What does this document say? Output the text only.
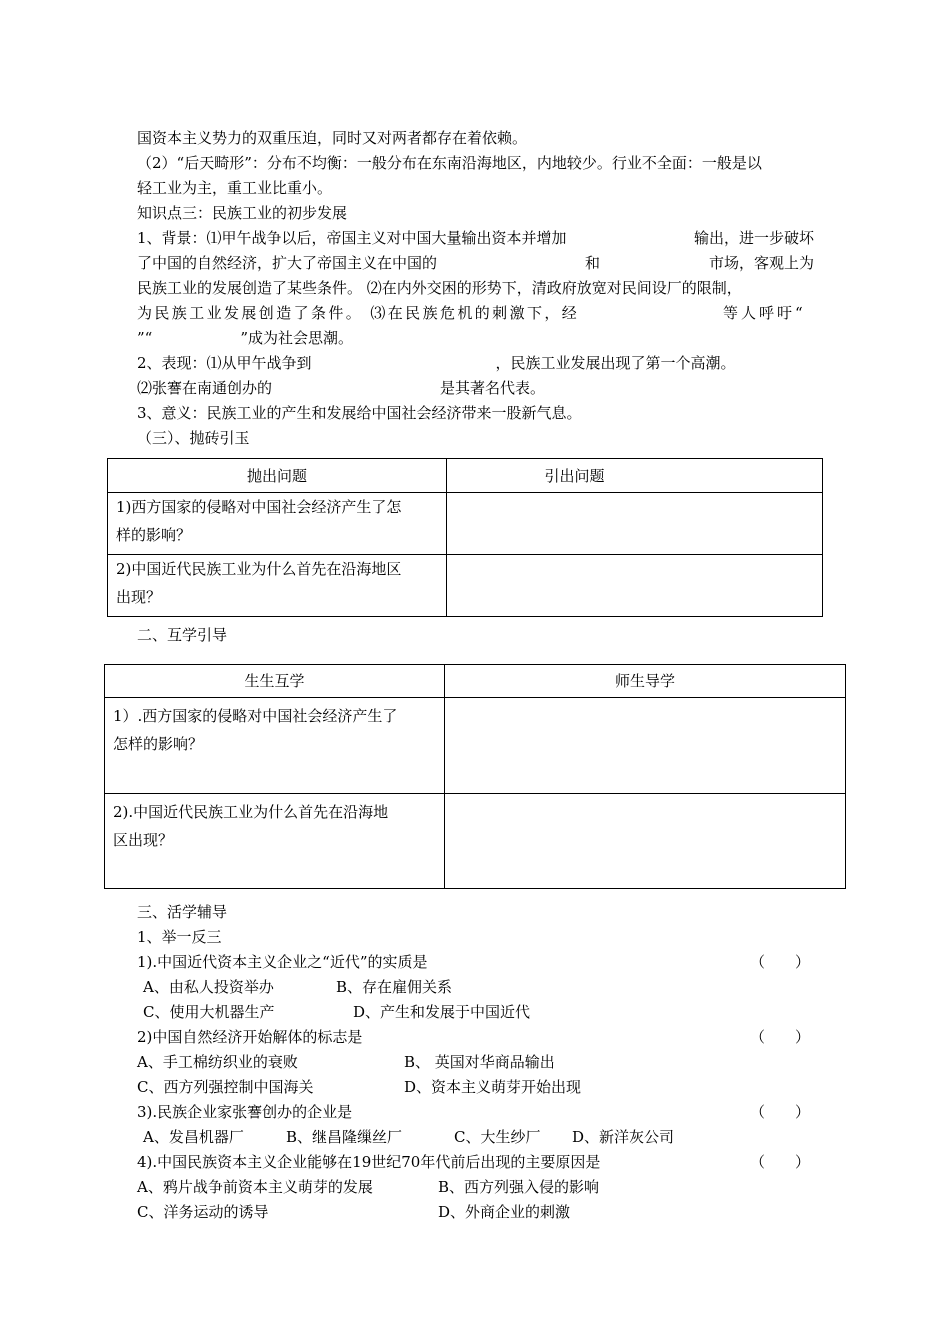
国资本主义势力的双重压迫，同时又对两者都存在着依赖。
（2）“后天畸形”：分布不均衡：一般分布在东南沿海地区，内地较少。行业不全面：一般是以
轻工业为主，重工业比重小。
知识点三：民族工业的初步发展
1、背景：⑴甲午战争以后，帝国主义对中国大量输出资本并增加	输出，进一步破坏
了中国的自然经济，扩大了帝国主义在中国的	和	市场，客观上为
民族工业的发展创造了某些条件。 ⑵在内外交困的形势下，清政府放宽对民间设厂的限制，
为民族工业发展创造了条件。 ⑶在民族危机的刺激下，经	等人呼吁“
”“	”成为社会思潮。
2、表现：⑴从甲午战争到	，民族工业发展出现了第一个高潮。
⑵张謇在南通创办的	是其著名代表。
3、意义：民族工业的产生和发展给中国社会经济带来一股新气息。
（三）、抛砖引玉
抛出问题	引出问题

1)西方国家的侵略对中国社会经济产生了怎
样的影响？	

2)中国近代民族工业为什么首先在沿海地区
出现？	

二、互学引导
生生互学	师生导学

1）.西方国家的侵略对中国社会经济产生了
怎样的影响？	

2).中国近代民族工业为什么首先在沿海地
区出现？	

三、活学辅导
1、举一反三
1).中国近代资本主义企业之“近代”的实质是	（　　）
A、由私人投资举办	B、存在雇佣关系
C、使用大机器生产	D、产生和发展于中国近代
2)中国自然经济开始解体的标志是	（　　）
A、手工棉纺织业的衰败	B、 英国对华商品输出
C、西方列强控制中国海关	D、资本主义萌芽开始出现
3).民族企业家张謇创办的企业是	（　　）
A、发昌机器厂	B、继昌隆缫丝厂	C、大生纱厂 D、新洋灰公司
4).中国民族资本主义企业能够在19世纪70年代前后出现的主要原因是	（　　）
A、鸦片战争前资本主义萌芽的发展	B、西方列强入侵的影响
C、洋务运动的诱导	D、外商企业的刺激
